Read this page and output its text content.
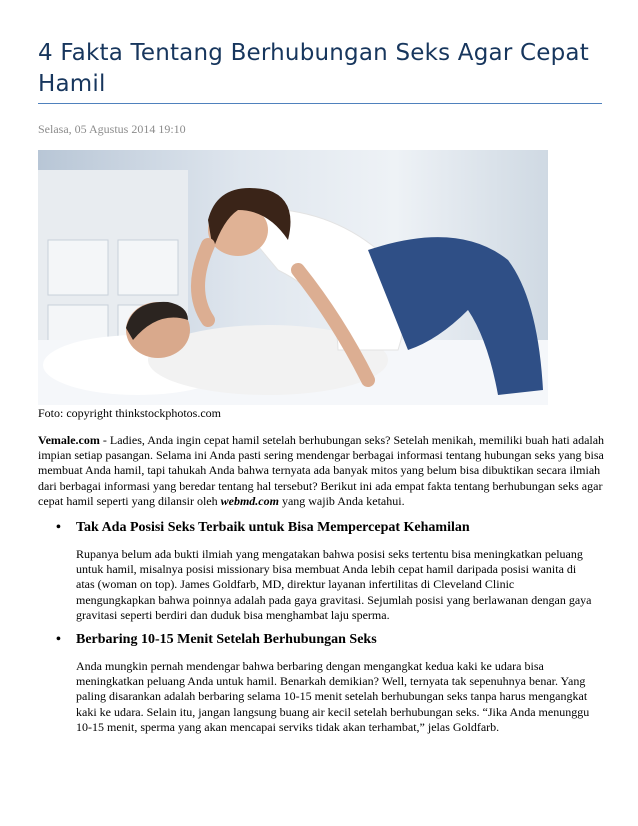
4 Fakta Tentang Berhubungan Seks Agar Cepat Hamil
Selasa, 05 Agustus 2014 19:10
Foto: copyright thinkstockphotos.com

Vemale.com - Ladies, Anda ingin cepat hamil setelah berhubungan seks? Setelah menikah, memiliki buah hati adalah impian setiap pasangan. Selama ini Anda pasti sering mendengar berbagai informasi tentang hubungan seks yang bisa membuat Anda hamil, tapi tahukah Anda bahwa ternyata ada banyak mitos yang belum bisa dibuktikan secara ilmiah dari berbagai informasi yang beredar tentang hal tersebut? Berikut ini ada empat fakta tentang berhubungan seks agar cepat hamil seperti yang dilansir oleh webmd.com yang wajib Anda ketahui.

• Tak Ada Posisi Seks Terbaik untuk Bisa Mempercepat Kehamilan
Rupanya belum ada bukti ilmiah yang mengatakan bahwa posisi seks tertentu bisa meningkatkan peluang untuk hamil, misalnya posisi missionary bisa membuat Anda lebih cepat hamil daripada posisi wanita di atas (woman on top). James Goldfarb, MD, direktur layanan infertilitas di Cleveland Clinic mengungkapkan bahwa poinnya adalah pada gaya gravitasi. Sejumlah posisi yang berlawanan dengan gaya gravitasi seperti berdiri dan duduk bisa menghambat laju sperma.
• Berbaring 10-15 Menit Setelah Berhubungan Seks
Anda mungkin pernah mendengar bahwa berbaring dengan mengangkat kedua kaki ke udara bisa meningkatkan peluang Anda untuk hamil. Benarkah demikian? Well, ternyata tak sepenuhnya benar. Yang paling disarankan adalah berbaring selama 10-15 menit setelah berhubungan seks tanpa harus mengangkat kaki ke udara. Selain itu, jangan langsung buang air kecil setelah berhubungan seks. “Jika Anda menunggu 10-15 menit, sperma yang akan mencapai serviks tidak akan terhambat,” jelas Goldfarb.
